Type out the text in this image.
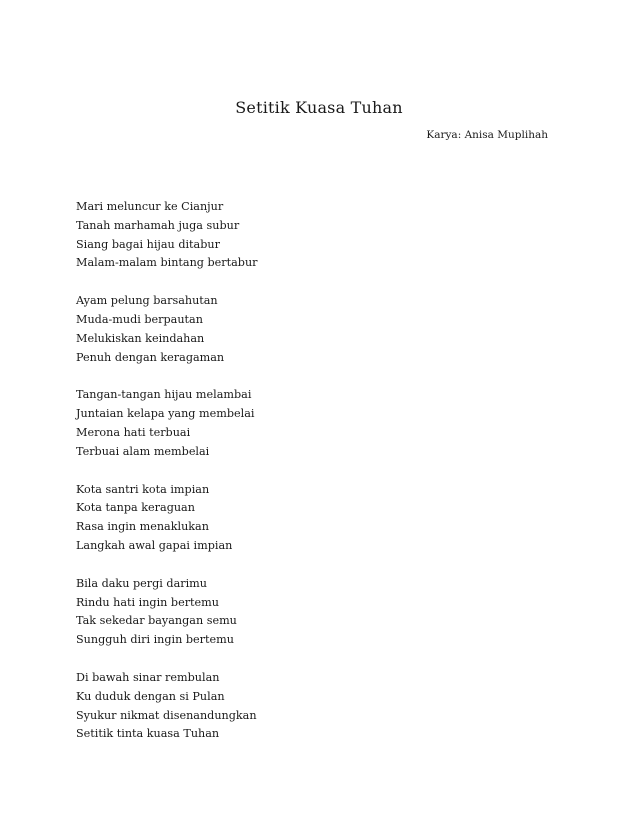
Setitik Kuasa Tuhan
Karya: Anisa Muplihah
Mari meluncur ke Cianjur
Tanah marhamah juga subur
Siang bagai hijau ditabur
Malam-malam bintang bertabur
Ayam pelung barsahutan
Muda-mudi berpautan
Melukiskan keindahan
Penuh dengan keragaman
Tangan-tangan hijau melambai
Juntaian kelapa yang membelai
Merona hati terbuai
Terbuai alam membelai
Kota santri kota impian
Kota tanpa keraguan
Rasa ingin menaklukan
Langkah awal gapai impian
Bila daku pergi darimu
Rindu hati ingin bertemu
Tak sekedar bayangan semu
Sungguh diri ingin bertemu
Di bawah sinar rembulan
Ku duduk dengan si Pulan
Syukur nikmat disenandungkan
Setitik tinta kuasa Tuhan
